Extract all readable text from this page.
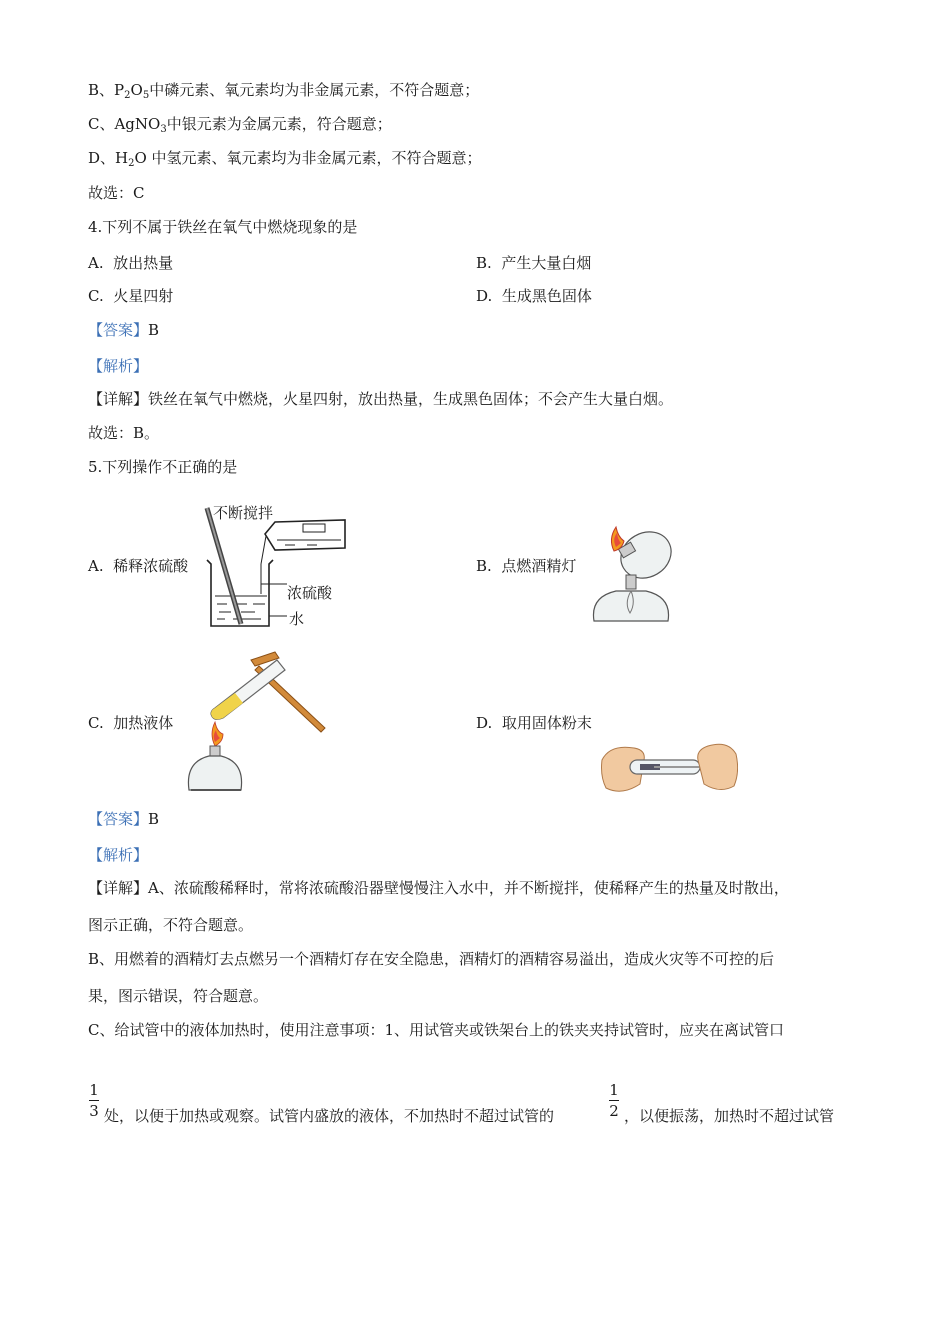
B、$P_2O_5$中磷元素、氧元素均为非金属元素，不符合题意；
C、AgNO$_3$中银元素为金属元素，符合题意；
D、$H_2O$ 中氢元素、氧元素均为非金属元素，不符合题意；
故选：C
4.下列不属于铁丝在氧气中燃烧现象的是
A. 放出热量	B. 产生大量白烟
C. 火星四射	D. 生成黑色固体
【答案】B
【解析】
【详解】铁丝在氧气中燃烧，火星四射，放出热量，生成黑色固体；不会产生大量白烟。
故选：B。
5.下列操作不正确的是
A. 稀释浓硫酸	B. 点燃酒精灯
C. 加热液体	D. 取用固体粉末
不断搅拌
浓硫酸
水
【答案】B
【解析】
【详解】A、浓硫酸稀释时，常将浓硫酸沿器壁慢慢注入水中，并不断搅拌，使稀释产生的热量及时散出，
图示正确，不符合题意。
B、用燃着的酒精灯去点燃另一个酒精灯存在安全隐患，酒精灯的酒精容易溢出，造成火灾等不可控的后
果，图示错误，符合题意。
C、给试管中的液体加热时，使用注意事项：1、用试管夹或铁架台上的铁夹夹持试管时，应夹在离试管口
1
3 处，以便于加热或观察。试管内盛放的液体，不加热时不超过试管的
1
2 ，以便振荡，加热时不超过试管
